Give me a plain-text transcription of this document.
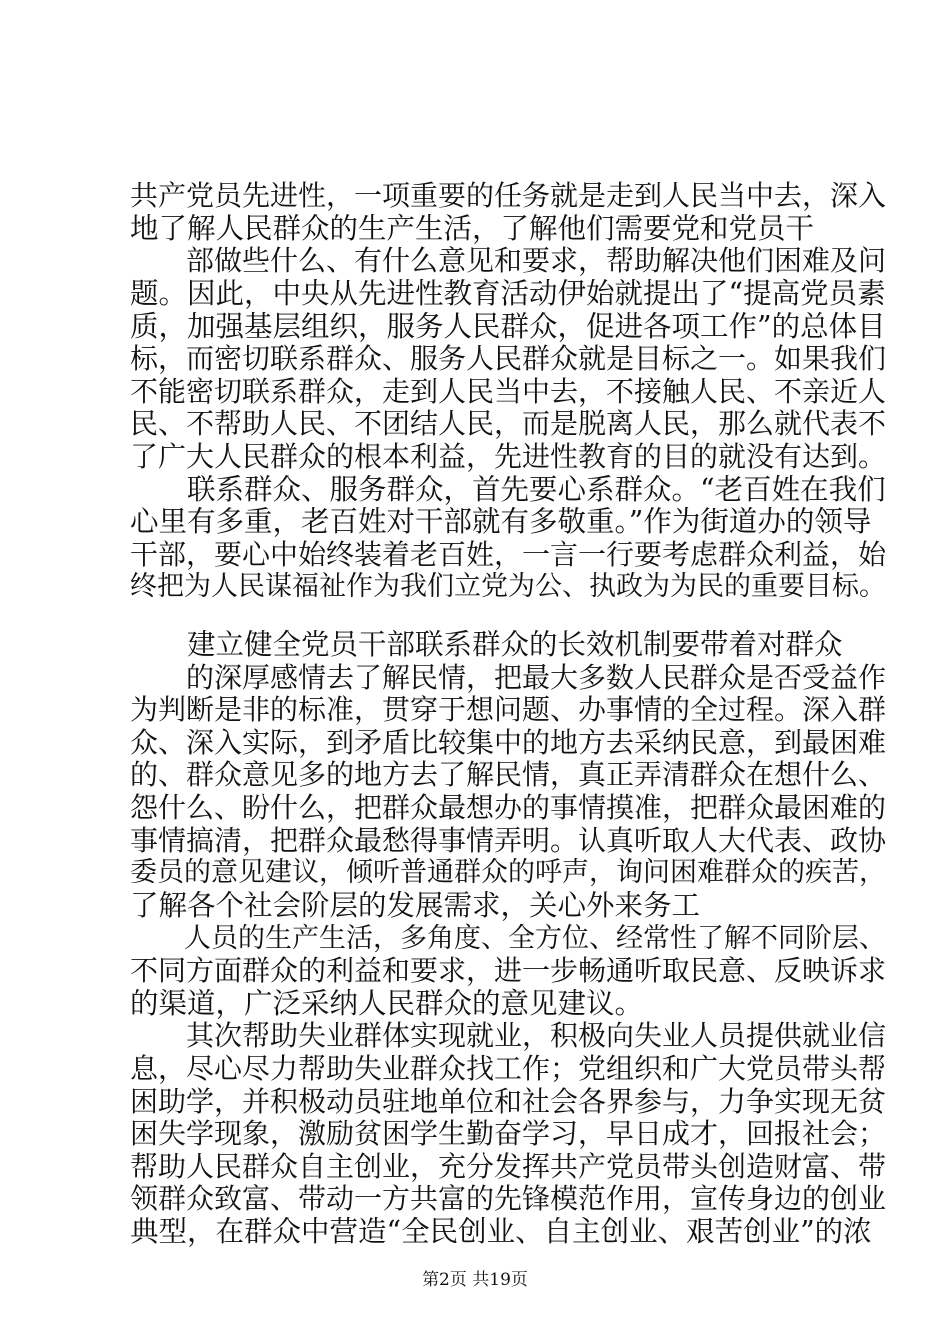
共产党员先进性，一项重要的任务就是走到人民当中去，深入
地了解人民群众的生产生活，了解他们需要党和党员干
　　部做些什么、有什么意见和要求，帮助解决他们困难及问
题。因此，中央从先进性教育活动伊始就提出了“提高党员素
质，加强基层组织，服务人民群众，促进各项工作”的总体目
标，而密切联系群众、服务人民群众就是目标之一。如果我们
不能密切联系群众，走到人民当中去，不接触人民、不亲近人
民、不帮助人民、不团结人民，而是脱离人民，那么就代表不
了广大人民群众的根本利益，先进性教育的目的就没有达到。
　　联系群众、服务群众，首先要心系群众。“老百姓在我们
心里有多重，老百姓对干部就有多敬重。”作为街道办的领导
干部，要心中始终装着老百姓，一言一行要考虑群众利益，始
终把为人民谋福祉作为我们立党为公、执政为为民的重要目标。
　　建立健全党员干部联系群众的长效机制要带着对群众
　　的深厚感情去了解民情，把最大多数人民群众是否受益作
为判断是非的标准，贯穿于想问题、办事情的全过程。深入群
众、深入实际，到矛盾比较集中的地方去采纳民意，到最困难
的、群众意见多的地方去了解民情，真正弄清群众在想什么、
怨什么、盼什么，把群众最想办的事情摸准，把群众最困难的
事情搞清，把群众最愁得事情弄明。认真听取人大代表、政协
委员的意见建议，倾听普通群众的呼声，询问困难群众的疾苦，
了解各个社会阶层的发展需求，关心外来务工
　　人员的生产生活，多角度、全方位、经常性了解不同阶层、
不同方面群众的利益和要求，进一步畅通听取民意、反映诉求
的渠道，广泛采纳人民群众的意见建议。
　　其次帮助失业群体实现就业，积极向失业人员提供就业信
息，尽心尽力帮助失业群众找工作；党组织和广大党员带头帮
困助学，并积极动员驻地单位和社会各界参与，力争实现无贫
困失学现象，激励贫困学生勤奋学习，早日成才，回报社会；
帮助人民群众自主创业，充分发挥共产党员带头创造财富、带
领群众致富、带动一方共富的先锋模范作用，宣传身边的创业
典型，在群众中营造“全民创业、自主创业、艰苦创业”的浓
第2页 共19页
